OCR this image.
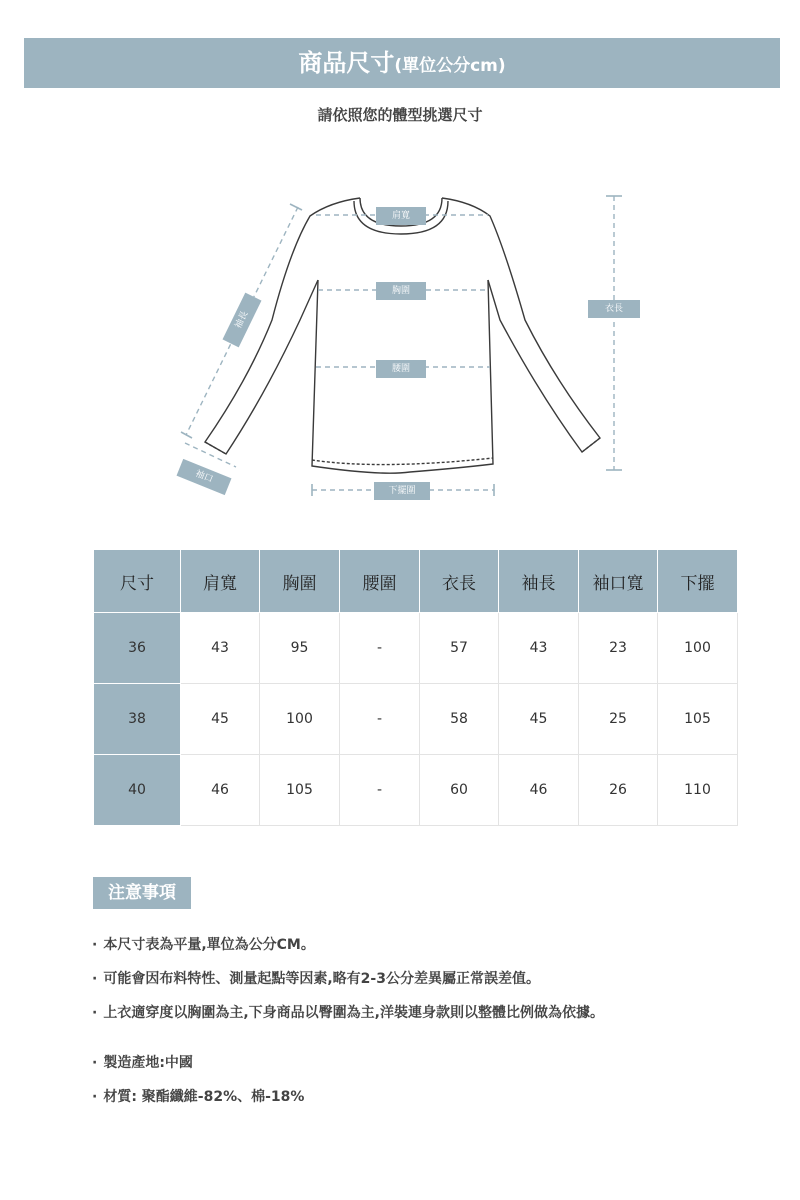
商品尺寸(單位公分cm)
請依照您的體型挑選尺寸
肩寬
胸圍
腰圍
衣長
下擺圍
袖長
袖口
尺寸	肩寬	胸圍	腰圍	衣長	袖長	袖口寬	下擺
36	43	95	-	57	43	23	100
38	45	100	-	58	45	25	105
40	46	105	-	60	46	26	110
注意事項
· 本尺寸表為平量,單位為公分CM。
· 可能會因布料特性、測量起點等因素,略有2-3公分差異屬正常誤差值。
· 上衣適穿度以胸圍為主,下身商品以臀圍為主,洋裝連身款則以整體比例做為依據。
· 製造產地:中國
· 材質: 聚酯纖維-82%、棉-18%
